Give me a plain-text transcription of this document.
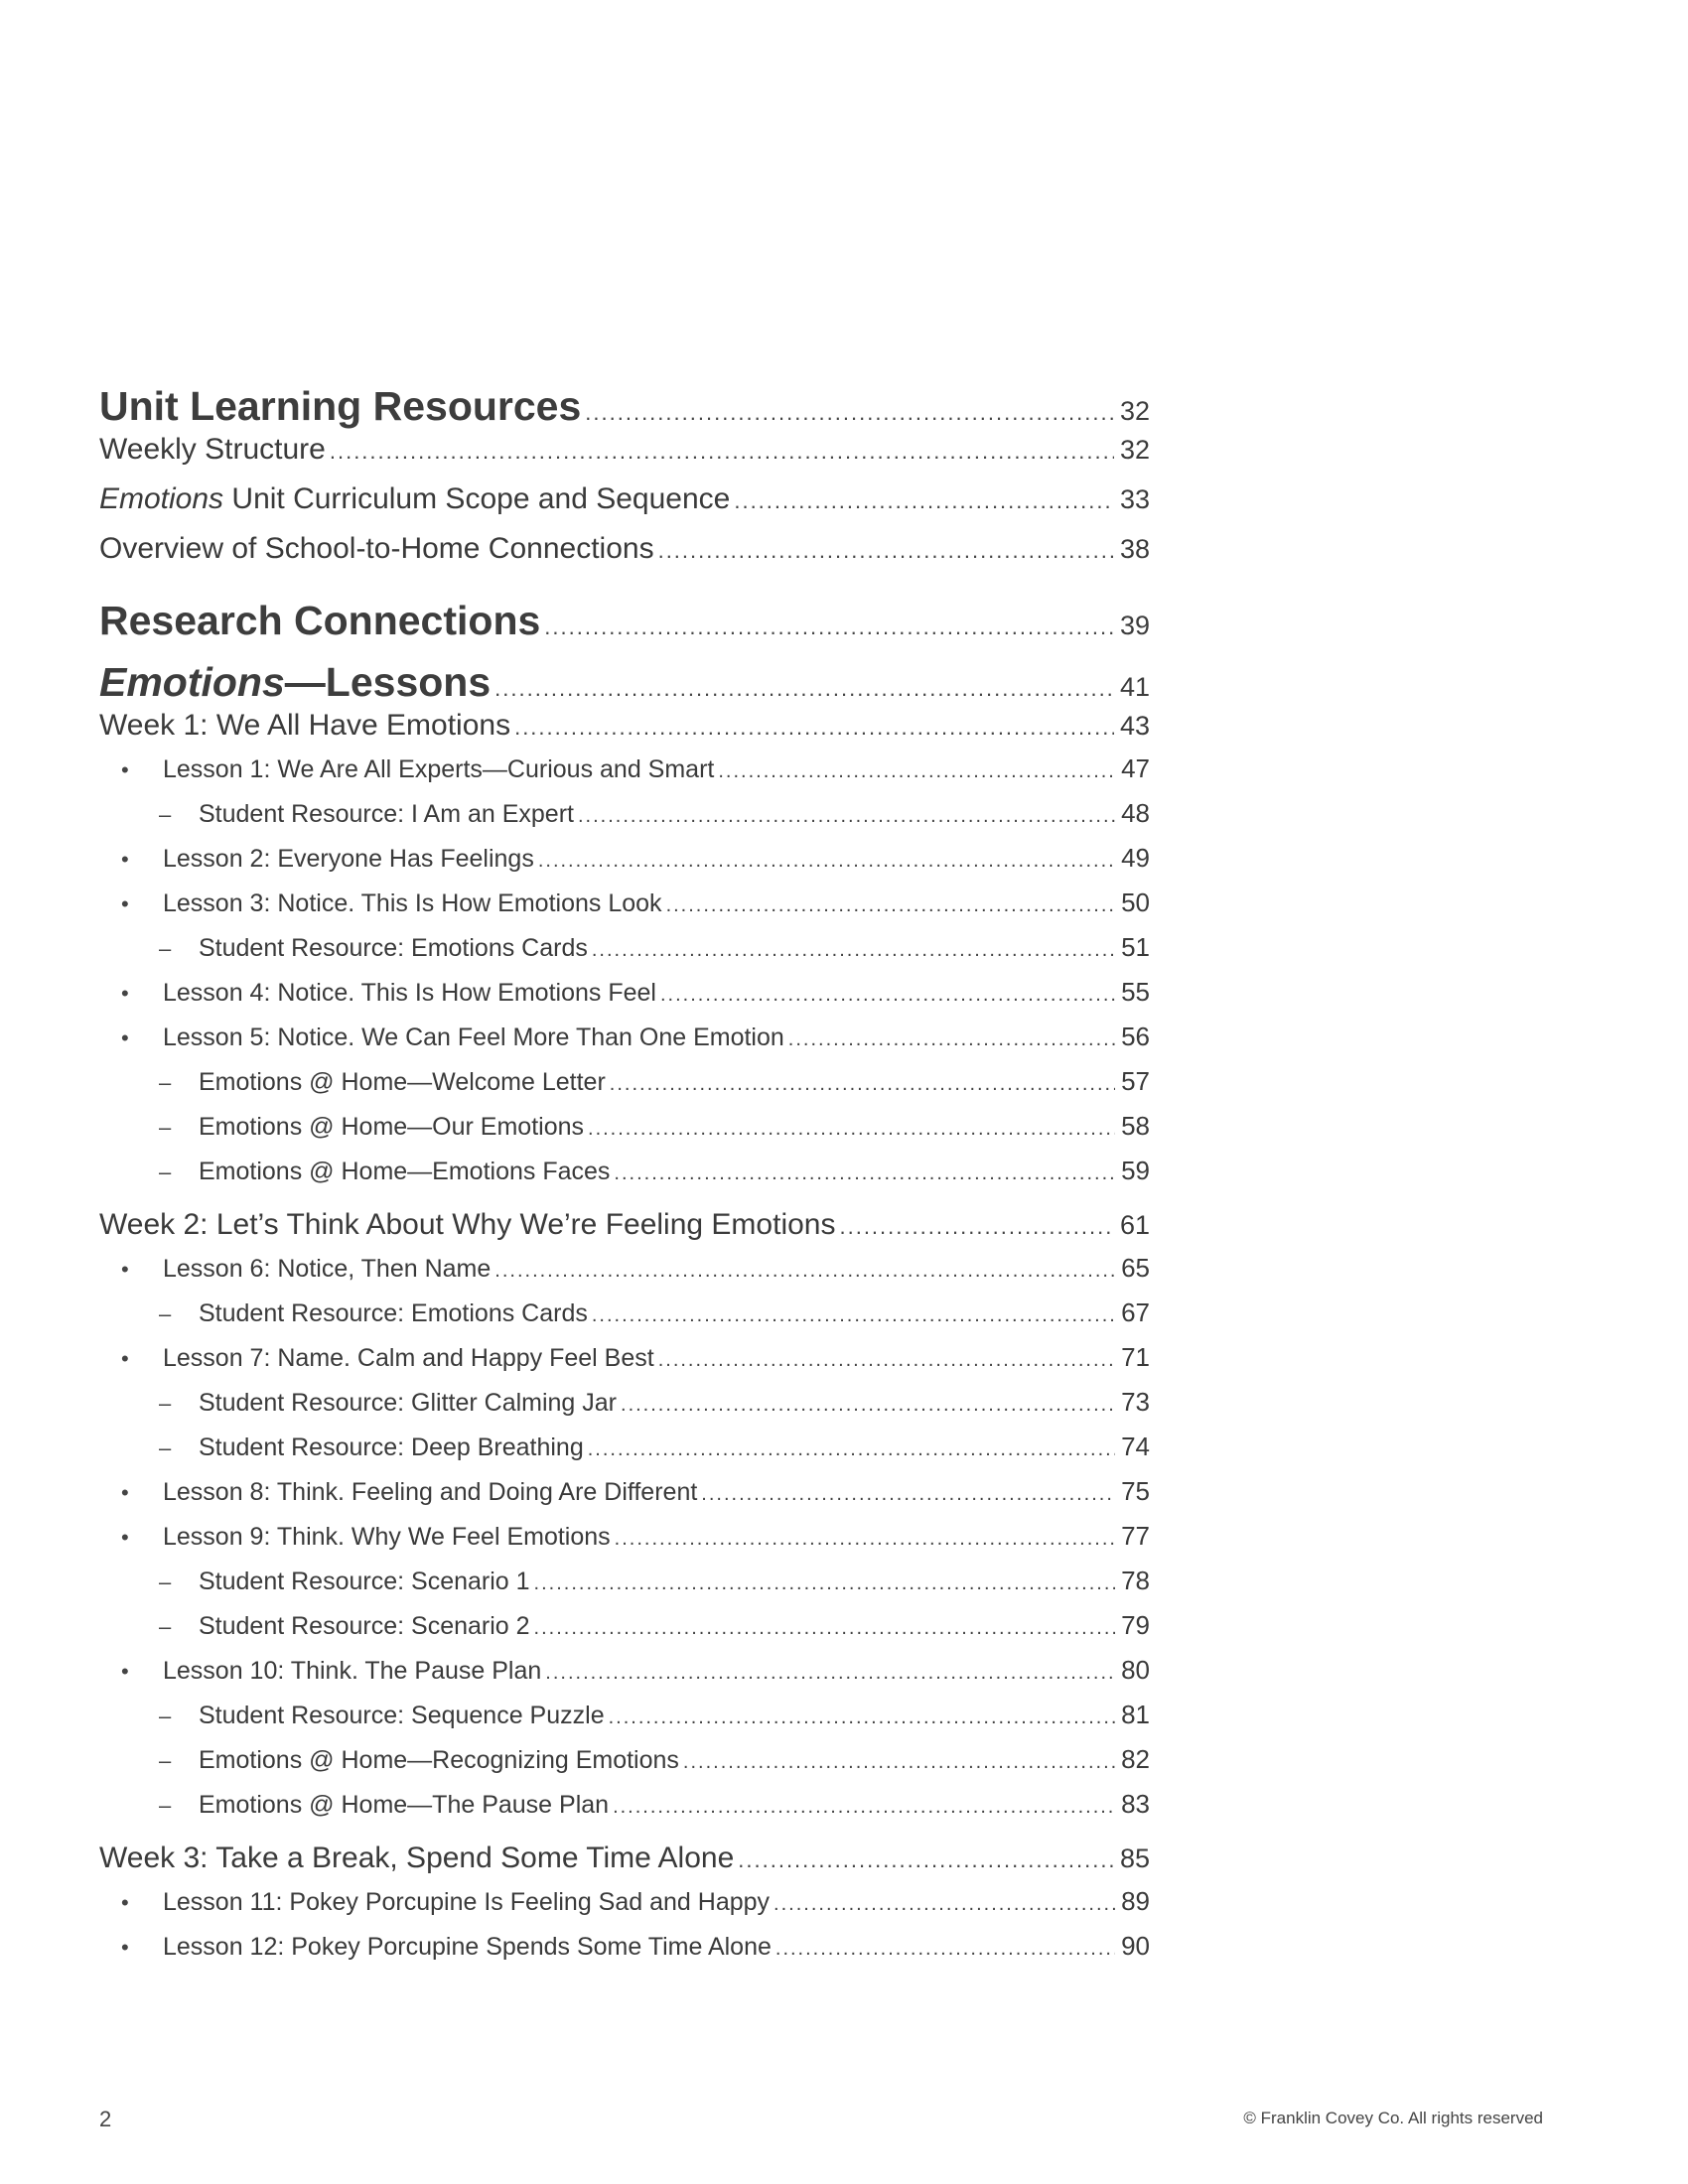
Unit Learning Resources .....	32
Weekly Structure .....	32
Emotions Unit Curriculum Scope and Sequence .....	33
Overview of School-to-Home Connections .....	38
Research Connections .....	39
Emotions—Lessons .....	41
Week 1: We All Have Emotions .....	43
• Lesson 1: We Are All Experts—Curious and Smart .....	47
– Student Resource: I Am an Expert .....	48
• Lesson 2: Everyone Has Feelings .....	49
• Lesson 3: Notice. This Is How Emotions Look .....	50
– Student Resource: Emotions Cards .....	51
• Lesson 4: Notice. This Is How Emotions Feel .....	55
• Lesson 5: Notice. We Can Feel More Than One Emotion .....	56
– Emotions @ Home—Welcome Letter .....	57
– Emotions @ Home—Our Emotions .....	58
– Emotions @ Home—Emotions Faces .....	59
Week 2: Let’s Think About Why We’re Feeling Emotions .....	61
• Lesson 6: Notice, Then Name .....	65
– Student Resource: Emotions Cards .....	67
• Lesson 7: Name. Calm and Happy Feel Best .....	71
– Student Resource: Glitter Calming Jar .....	73
– Student Resource: Deep Breathing .....	74
• Lesson 8: Think. Feeling and Doing Are Different .....	75
• Lesson 9: Think. Why We Feel Emotions .....	77
– Student Resource: Scenario 1 .....	78
– Student Resource: Scenario 2 .....	79
• Lesson 10: Think. The Pause Plan .....	80
– Student Resource: Sequence Puzzle .....	81
– Emotions @ Home—Recognizing Emotions .....	82
– Emotions @ Home—The Pause Plan .....	83
Week 3: Take a Break, Spend Some Time Alone .....	85
• Lesson 11: Pokey Porcupine Is Feeling Sad and Happy .....	89
• Lesson 12: Pokey Porcupine Spends Some Time Alone .....	90
2	© Franklin Covey Co. All rights reserved
